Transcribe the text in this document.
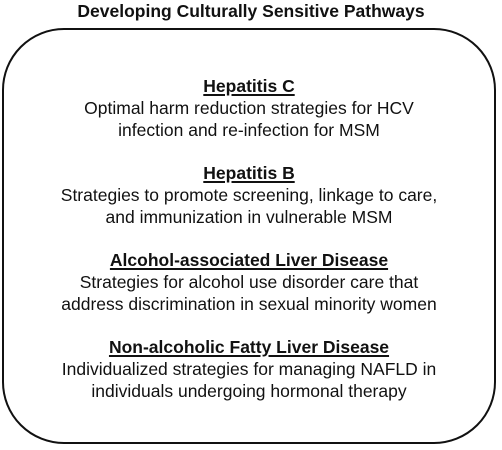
Developing Culturally Sensitive Pathways
Hepatitis C
Optimal harm reduction strategies for HCV
infection and re-infection for MSM
Hepatitis B
Strategies to promote screening, linkage to care,
and immunization in vulnerable MSM
Alcohol-associated Liver Disease
Strategies for alcohol use disorder care that
address discrimination in sexual minority women
Non-alcoholic Fatty Liver Disease
Individualized strategies for managing NAFLD in
individuals undergoing hormonal therapy
